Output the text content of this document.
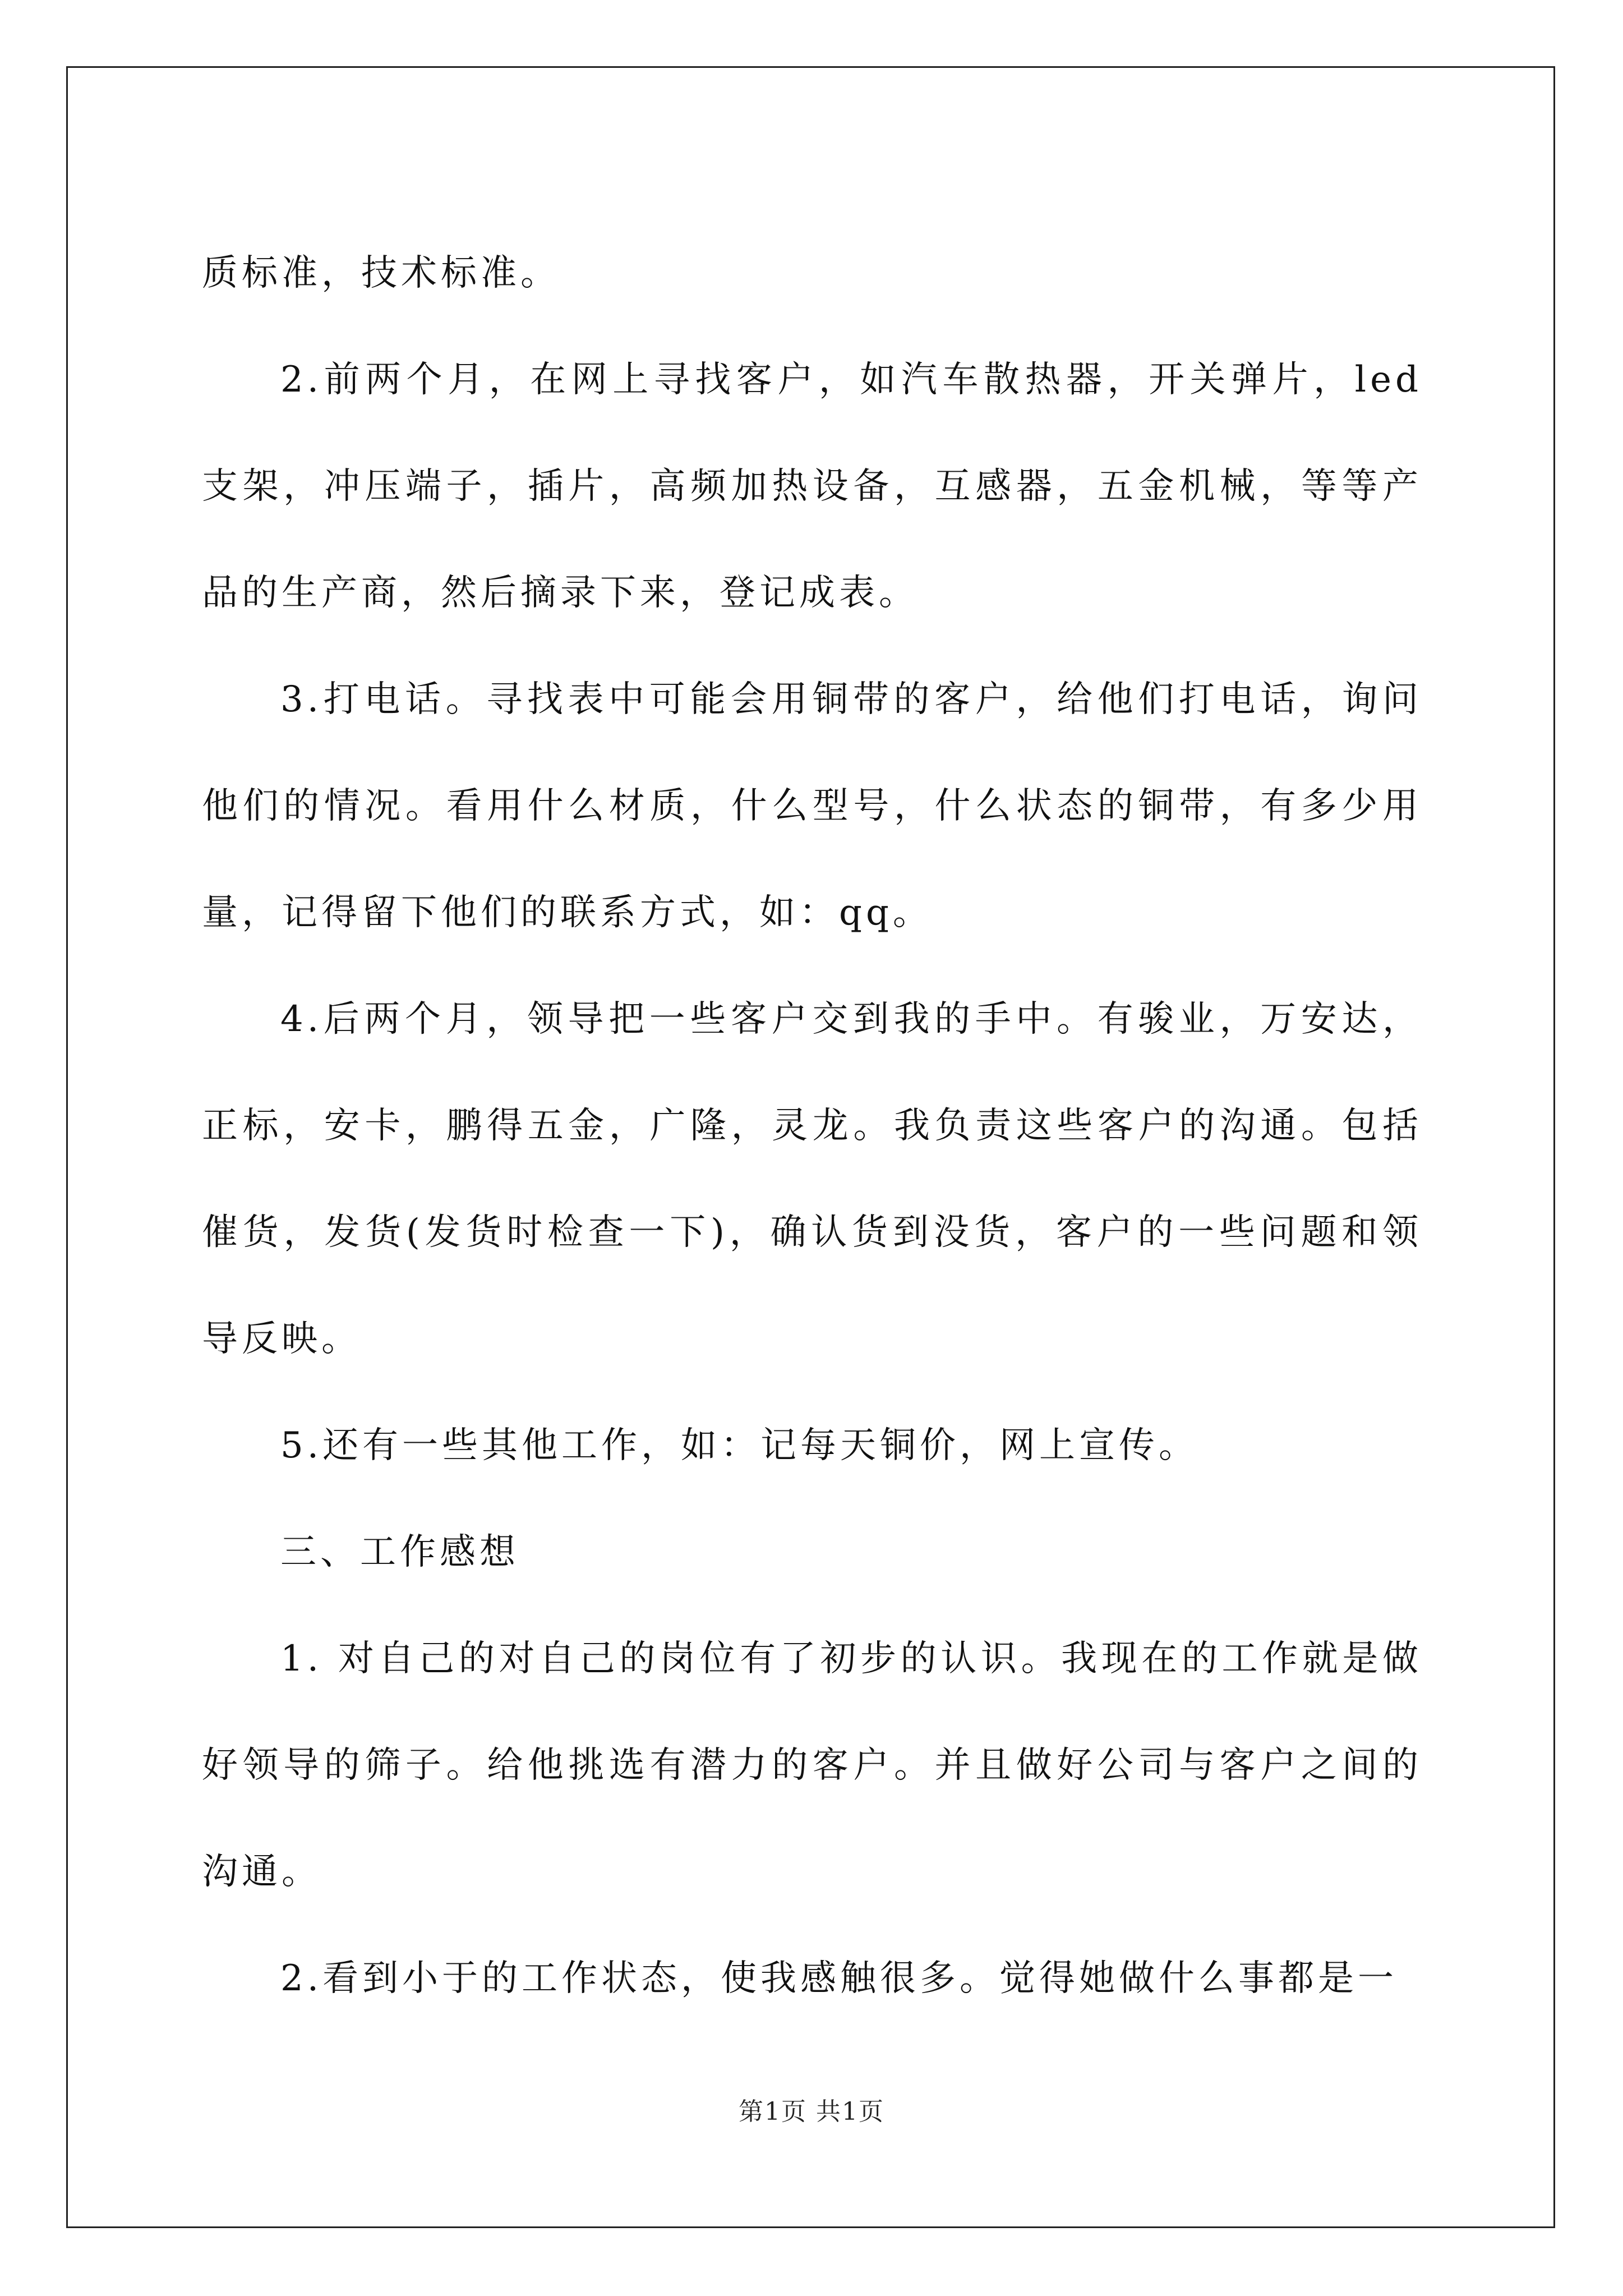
质标准，技术标准。

2.前两个月，在网上寻找客户，如汽车散热器，开关弹片，led支架，冲压端子，插片，高频加热设备，互感器，五金机械，等等产品的生产商，然后摘录下来，登记成表。

3.打电话。寻找表中可能会用铜带的客户，给他们打电话，询问他们的情况。看用什么材质，什么型号，什么状态的铜带，有多少用量，记得留下他们的联系方式，如：qq。

4.后两个月，领导把一些客户交到我的手中。有骏业，万安达，正标，安卡，鹏得五金，广隆，灵龙。我负责这些客户的沟通。包括催货，发货(发货时检查一下)，确认货到没货，客户的一些问题和领导反映。

5.还有一些其他工作，如：记每天铜价，网上宣传。

三、工作感想

1. 对自己的对自己的岗位有了初步的认识。我现在的工作就是做好领导的筛子。给他挑选有潜力的客户。并且做好公司与客户之间的沟通。

2.看到小于的工作状态，使我感触很多。觉得她做什么事都是一

第1页 共1页
